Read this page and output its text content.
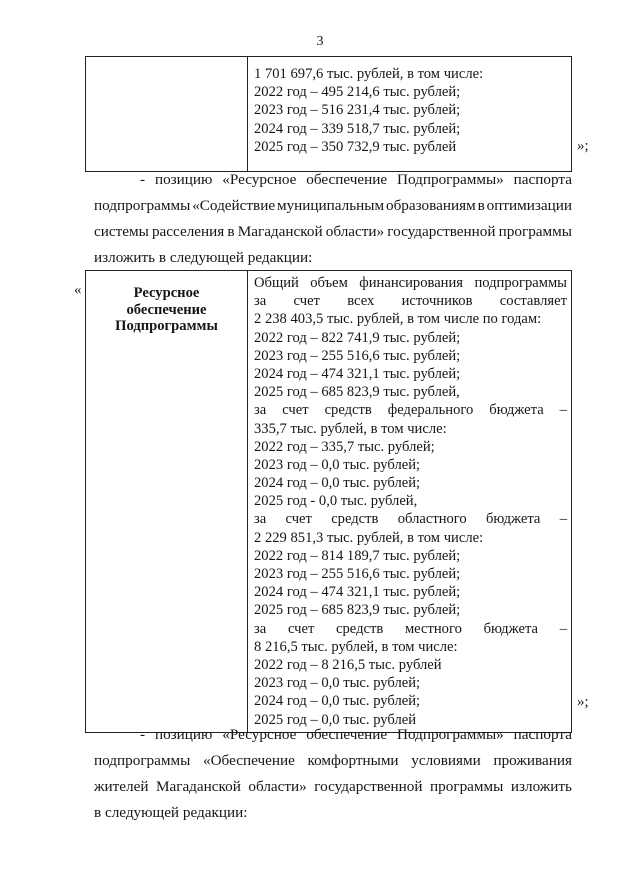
3

1 701 697,6 тыс. рублей, в том числе:
2022 год – 495 214,6 тыс. рублей;
2023 год – 516 231,4 тыс. рублей;
2024 год – 339 518,7 тыс. рублей;
2025 год – 350 732,9 тыс. рублей	»;
- позицию «Ресурсное обеспечение Подпрограммы» паспорта
подпрограммы «Содействие муниципальным образованиям в оптимизации
системы расселения в Магаданской области» государственной программы
изложить в следующей редакции:
«	Ресурсное
обеспечение
Подпрограммы

Общий объем финансирования подпрограммы
за счет всех источников составляет
2 238 403,5 тыс. рублей, в том числе по годам:
2022 год – 822 741,9 тыс. рублей;
2023 год – 255 516,6 тыс. рублей;
2024 год – 474 321,1 тыс. рублей;
2025 год – 685 823,9 тыс. рублей,
за счет средств федерального бюджета –
335,7 тыс. рублей, в том числе:
2022 год – 335,7 тыс. рублей;
2023 год – 0,0 тыс. рублей;
2024 год – 0,0 тыс. рублей;
2025 год - 0,0 тыс. рублей,
за счет средств областного бюджета –
2 229 851,3 тыс. рублей, в том числе:
2022 год – 814 189,7 тыс. рублей;
2023 год – 255 516,6 тыс. рублей;
2024 год – 474 321,1 тыс. рублей;
2025 год – 685 823,9 тыс. рублей;
за счет средств местного бюджета –
8 216,5 тыс. рублей, в том числе:
2022 год – 8 216,5 тыс. рублей
2023 год – 0,0 тыс. рублей;
2024 год – 0,0 тыс. рублей;
2025 год – 0,0 тыс. рублей
»;
- позицию «Ресурсное обеспечение Подпрограммы» паспорта
подпрограммы «Обеспечение комфортными условиями проживания
жителей Магаданской области» государственной программы изложить
в следующей редакции:
